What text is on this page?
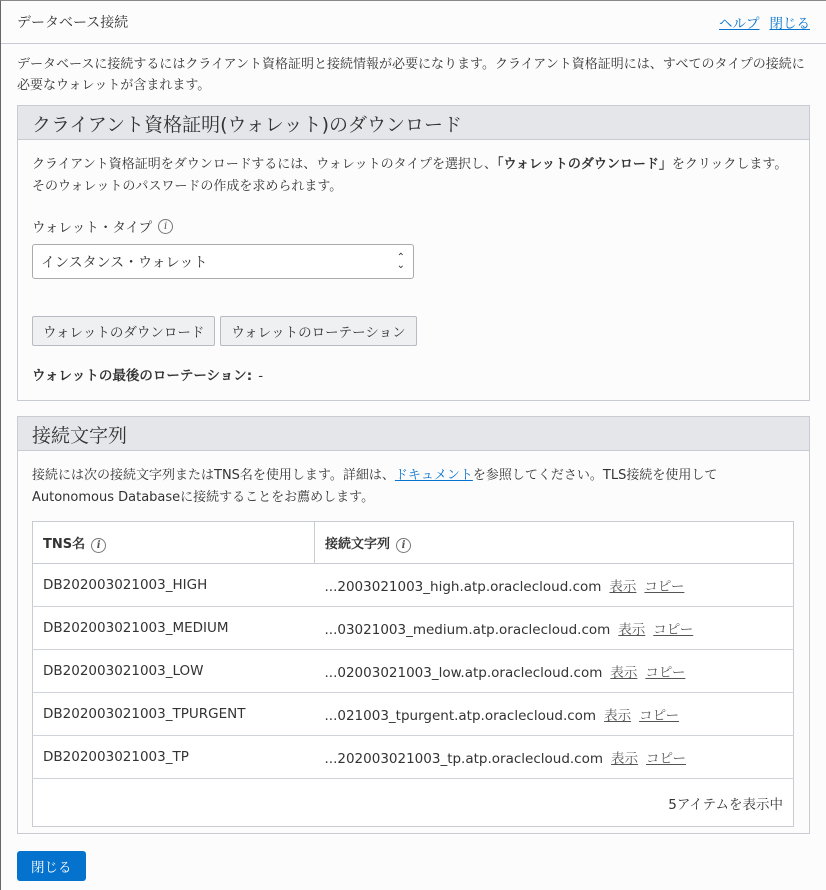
データベース接続	ヘルプ 閉じる
データベースに接続するにはクライアント資格証明と接続情報が必要になります。クライアント資格証明には、すべてのタイプの接続に必要なウォレットが含まれます。
クライアント資格証明(ウォレット)のダウンロード
クライアント資格証明をダウンロードするには、ウォレットのタイプを選択し、「ウォレットのダウンロード」をクリックします。そのウォレットのパスワードの作成を求められます。
ウォレット・タイプ	i
インスタンス・ウォレット	⌃
⌄
ウォレットのダウンロード	ウォレットのローテーション
ウォレットの最後のローテーション: -
接続文字列
接続には次の接続文字列またはTNS名を使用します。詳細は、ドキュメントを参照してください。TLS接続を使用してAutonomous Databaseに接続することをお薦めします。
TNS名 i	接続文字列 i
DB202003021003_HIGH	...2003021003_high.atp.oraclecloud.com 表示 コピー
DB202003021003_MEDIUM	...03021003_medium.atp.oraclecloud.com 表示 コピー
DB202003021003_LOW	...02003021003_low.atp.oraclecloud.com 表示 コピー
DB202003021003_TPURGENT	...021003_tpurgent.atp.oraclecloud.com 表示 コピー
DB202003021003_TP	...202003021003_tp.atp.oraclecloud.com 表示 コピー
5アイテムを表示中	
閉じる
